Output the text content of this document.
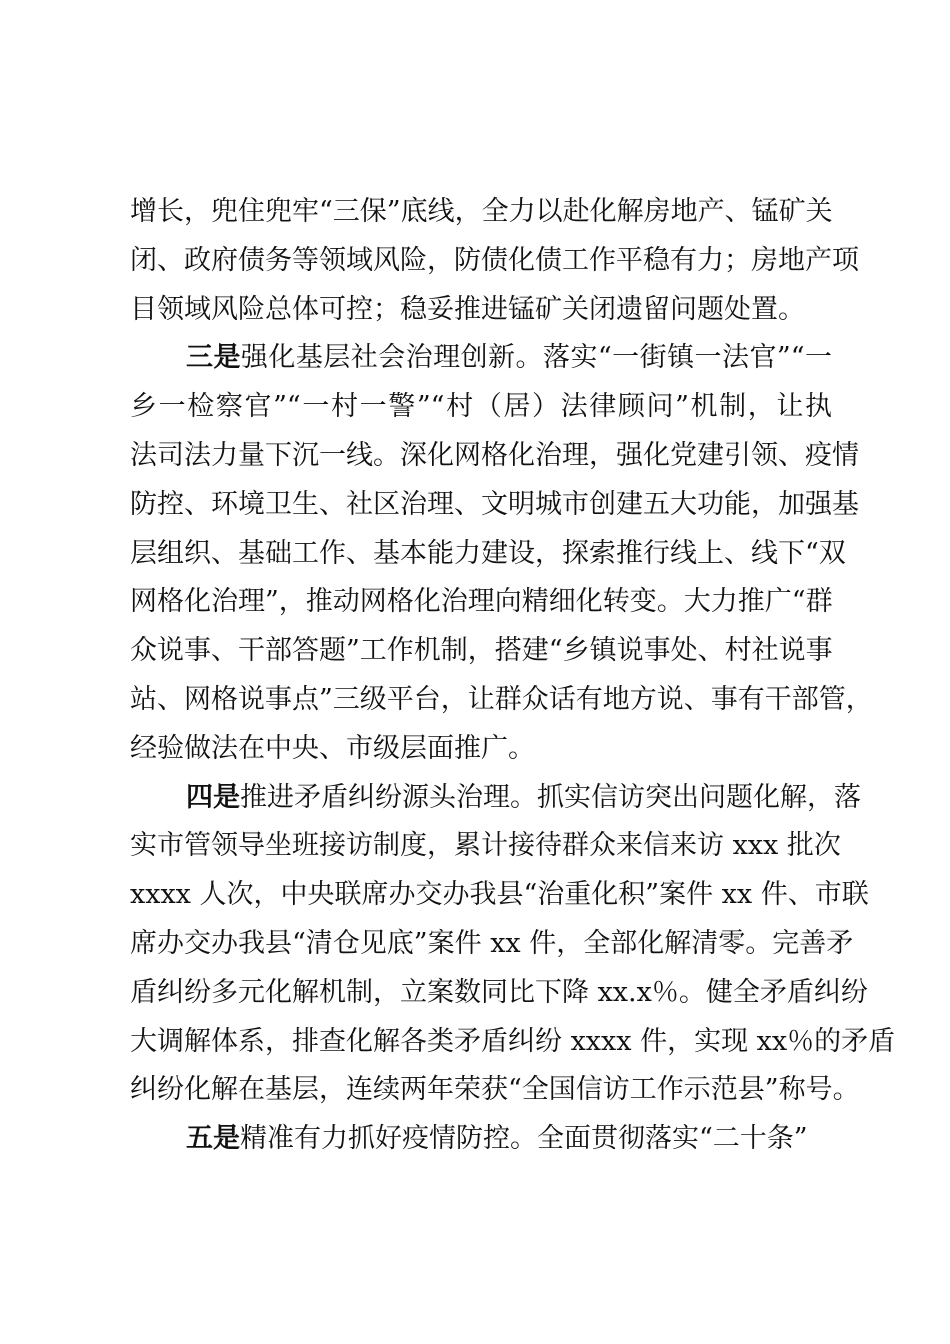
增长，兜住兜牢“三保”底线，全力以赴化解房地产、锰矿关
闭、政府债务等领域风险，防债化债工作平稳有力；房地产项
目领域风险总体可控；稳妥推进锰矿关闭遗留问题处置。
三是强化基层社会治理创新。落实“一街镇一法官”“一
乡一检察官”“一村一警”“村（居）法律顾问”机制，让执
法司法力量下沉一线。深化网格化治理，强化党建引领、疫情
防控、环境卫生、社区治理、文明城市创建五大功能，加强基
层组织、基础工作、基本能力建设，探索推行线上、线下“双
网格化治理”，推动网格化治理向精细化转变。大力推广“群
众说事、干部答题”工作机制，搭建“乡镇说事处、村社说事
站、网格说事点”三级平台，让群众话有地方说、事有干部管，
经验做法在中央、市级层面推广。
四是推进矛盾纠纷源头治理。抓实信访突出问题化解，落
实市管领导坐班接访制度，累计接待群众来信来访 xxx 批次
xxxx 人次，中央联席办交办我县“治重化积”案件 xx 件、市联
席办交办我县“清仓见底”案件 xx 件，全部化解清零。完善矛
盾纠纷多元化解机制，立案数同比下降 xx.x％。健全矛盾纠纷
大调解体系，排查化解各类矛盾纠纷 xxxx 件，实现 xx％的矛盾
纠纷化解在基层，连续两年荣获“全国信访工作示范县”称号。
五是精准有力抓好疫情防控。全面贯彻落实“二十条”
